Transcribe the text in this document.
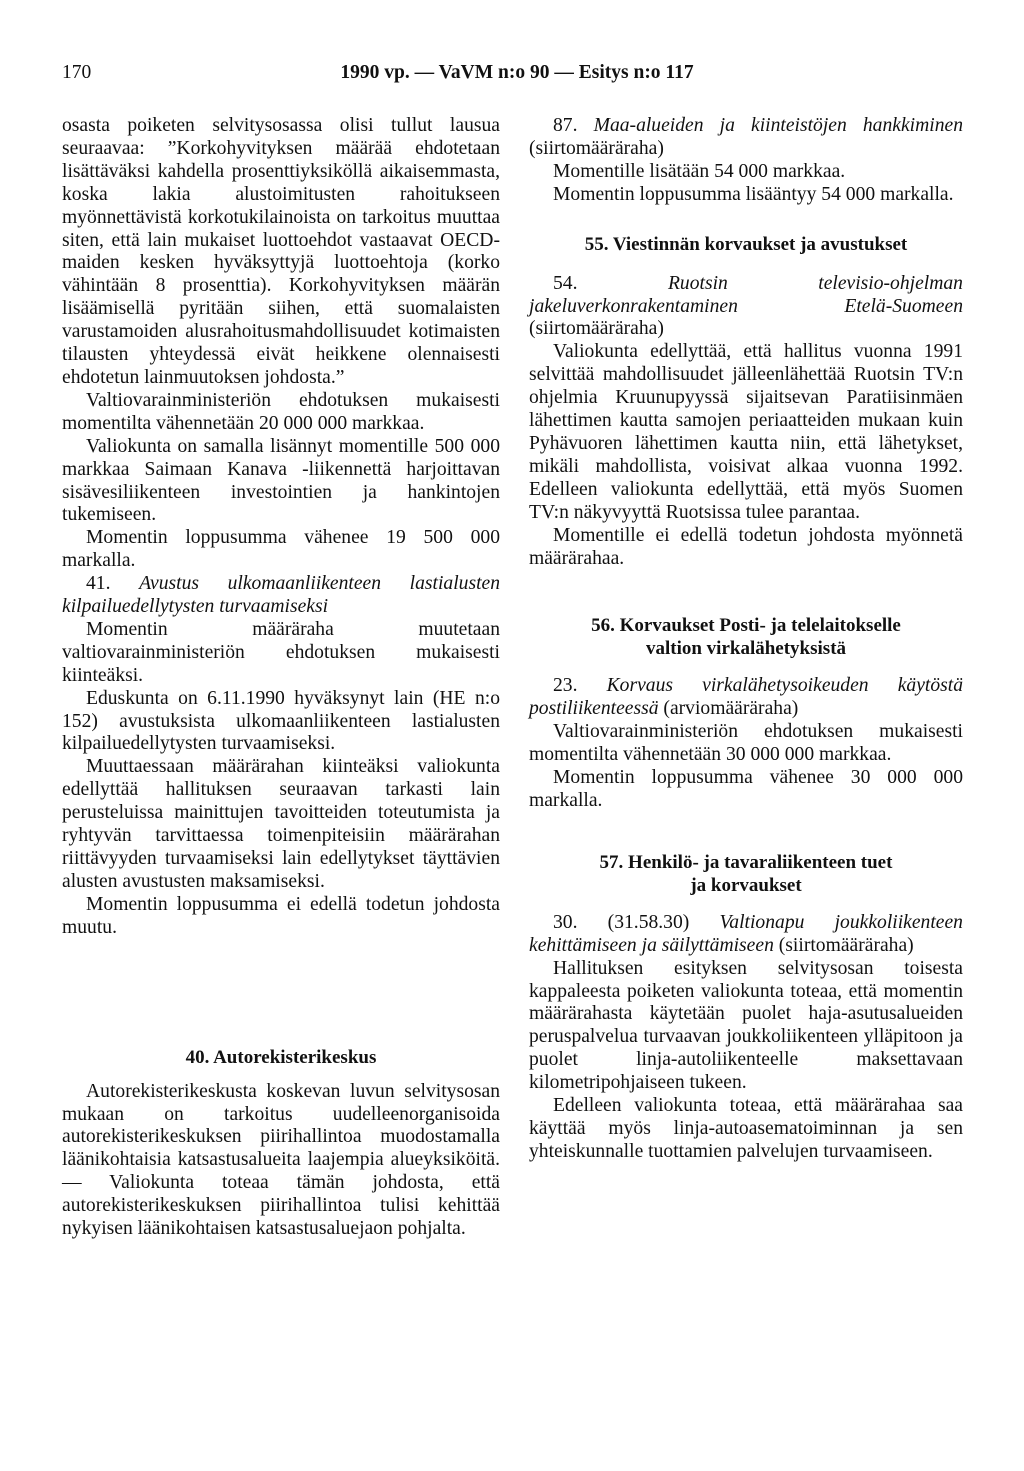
170	1990 vp. — VaVM n:o 90 — Esitys n:o 117

osasta poiketen selvitysosassa olisi tullut lausua seuraavaa: ”Korkohyvityksen määrää ehdotetaan lisättäväksi kahdella prosenttiyksiköllä aikaisemmasta, koska lakia alustoimitusten rahoitukseen myönnettävistä korkotukilainoista on tarkoitus muuttaa siten, että lain mukaiset luottoehdot vastaavat OECD-maiden kesken hyväksyttyjä luottoehtoja (korko vähintään 8 prosenttia). Korkohyvityksen määrän lisäämisellä pyritään siihen, että suomalaisten varustamoiden alusrahoitusmahdollisuudet kotimaisten tilausten yhteydessä eivät heikkene olennaisesti ehdotetun lainmuutoksen johdosta.”

Valtiovarainministeriön ehdotuksen mukaisesti momentilta vähennetään 20 000 000 markkaa.

Valiokunta on samalla lisännyt momentille 500 000 markkaa Saimaan Kanava -liikennettä harjoittavan sisävesiliikenteen investointien ja hankintojen tukemiseen.

Momentin loppusumma vähenee 19 500 000 markalla.

41. Avustus ulkomaanliikenteen lastialusten kilpailuedellytysten turvaamiseksi

Momentin määräraha muutetaan valtiovarainministeriön ehdotuksen mukaisesti kiinteäksi.

Eduskunta on 6.11.1990 hyväksynyt lain (HE n:o 152) avustuksista ulkomaanliikenteen lastialusten kilpailuedellytysten turvaamiseksi.

Muuttaessaan määrärahan kiinteäksi valiokunta edellyttää hallituksen seuraavan tarkasti lain perusteluissa mainittujen tavoitteiden toteutumista ja ryhtyvän tarvittaessa toimenpiteisiin määrärahan riittävyyden turvaamiseksi lain edellytykset täyttävien alusten avustusten maksamiseksi.

Momentin loppusumma ei edellä todetun johdosta muutu.

40. Autorekisterikeskus

Autorekisterikeskusta koskevan luvun selvitysosan mukaan on tarkoitus uudelleenorganisoida autorekisterikeskuksen piirihallintoa muodostamalla läänikohtaisia katsastusalueita laajempia alueyksiköitä. — Valiokunta toteaa tämän johdosta, että autorekisterikeskuksen piirihallintoa tulisi kehittää nykyisen läänikohtaisen katsastusaluejaon pohjalta.

87. Maa-alueiden ja kiinteistöjen hankkiminen (siirtomääräraha)

Momentille lisätään 54 000 markkaa.

Momentin loppusumma lisääntyy 54 000 markalla.

55. Viestinnän korvaukset ja avustukset

54.	Ruotsin televisio-ohjelman jakeluverkonrakentaminen Etelä-Suomeen (siirtomääräraha)

Valiokunta edellyttää, että hallitus vuonna 1991 selvittää mahdollisuudet jälleenlähettää Ruotsin TV:n ohjelmia Kruunupyyssä sijaitsevan Paratiisinmäen lähettimen kautta samojen periaatteiden mukaan kuin Pyhävuoren lähettimen kautta niin, että lähetykset, mikäli mahdollista, voisivat alkaa vuonna 1992. Edelleen valiokunta edellyttää, että myös Suomen TV:n näkyvyyttä Ruotsissa tulee parantaa.

Momentille ei edellä todetun johdosta myönnetä määrärahaa.

56. Korvaukset Posti- ja telelaitokselle
valtion virkalähetyksistä

23. Korvaus virkalähetysoikeuden käytöstä postiliikenteessä (arviomääräraha)

Valtiovarainministeriön ehdotuksen mukaisesti momentilta vähennetään 30 000 000 markkaa.

Momentin loppusumma vähenee 30 000 000 markalla.

57. Henkilö- ja tavaraliikenteen tuet
ja korvaukset

30. (31.58.30) Valtionapu joukkoliikenteen kehittämiseen ja säilyttämiseen (siirtomääräraha)

Hallituksen esityksen selvitysosan toisesta kappaleesta poiketen valiokunta toteaa, että momentin määrärahasta käytetään puolet haja-asutusalueiden peruspalvelua turvaavan joukkoliikenteen ylläpitoon ja puolet linja-autoliikenteelle maksettavaan kilometripohjaiseen tukeen.

Edelleen valiokunta toteaa, että määrärahaa saa käyttää myös linja-autoasematoiminnan ja sen yhteiskunnalle tuottamien palvelujen turvaamiseen.
